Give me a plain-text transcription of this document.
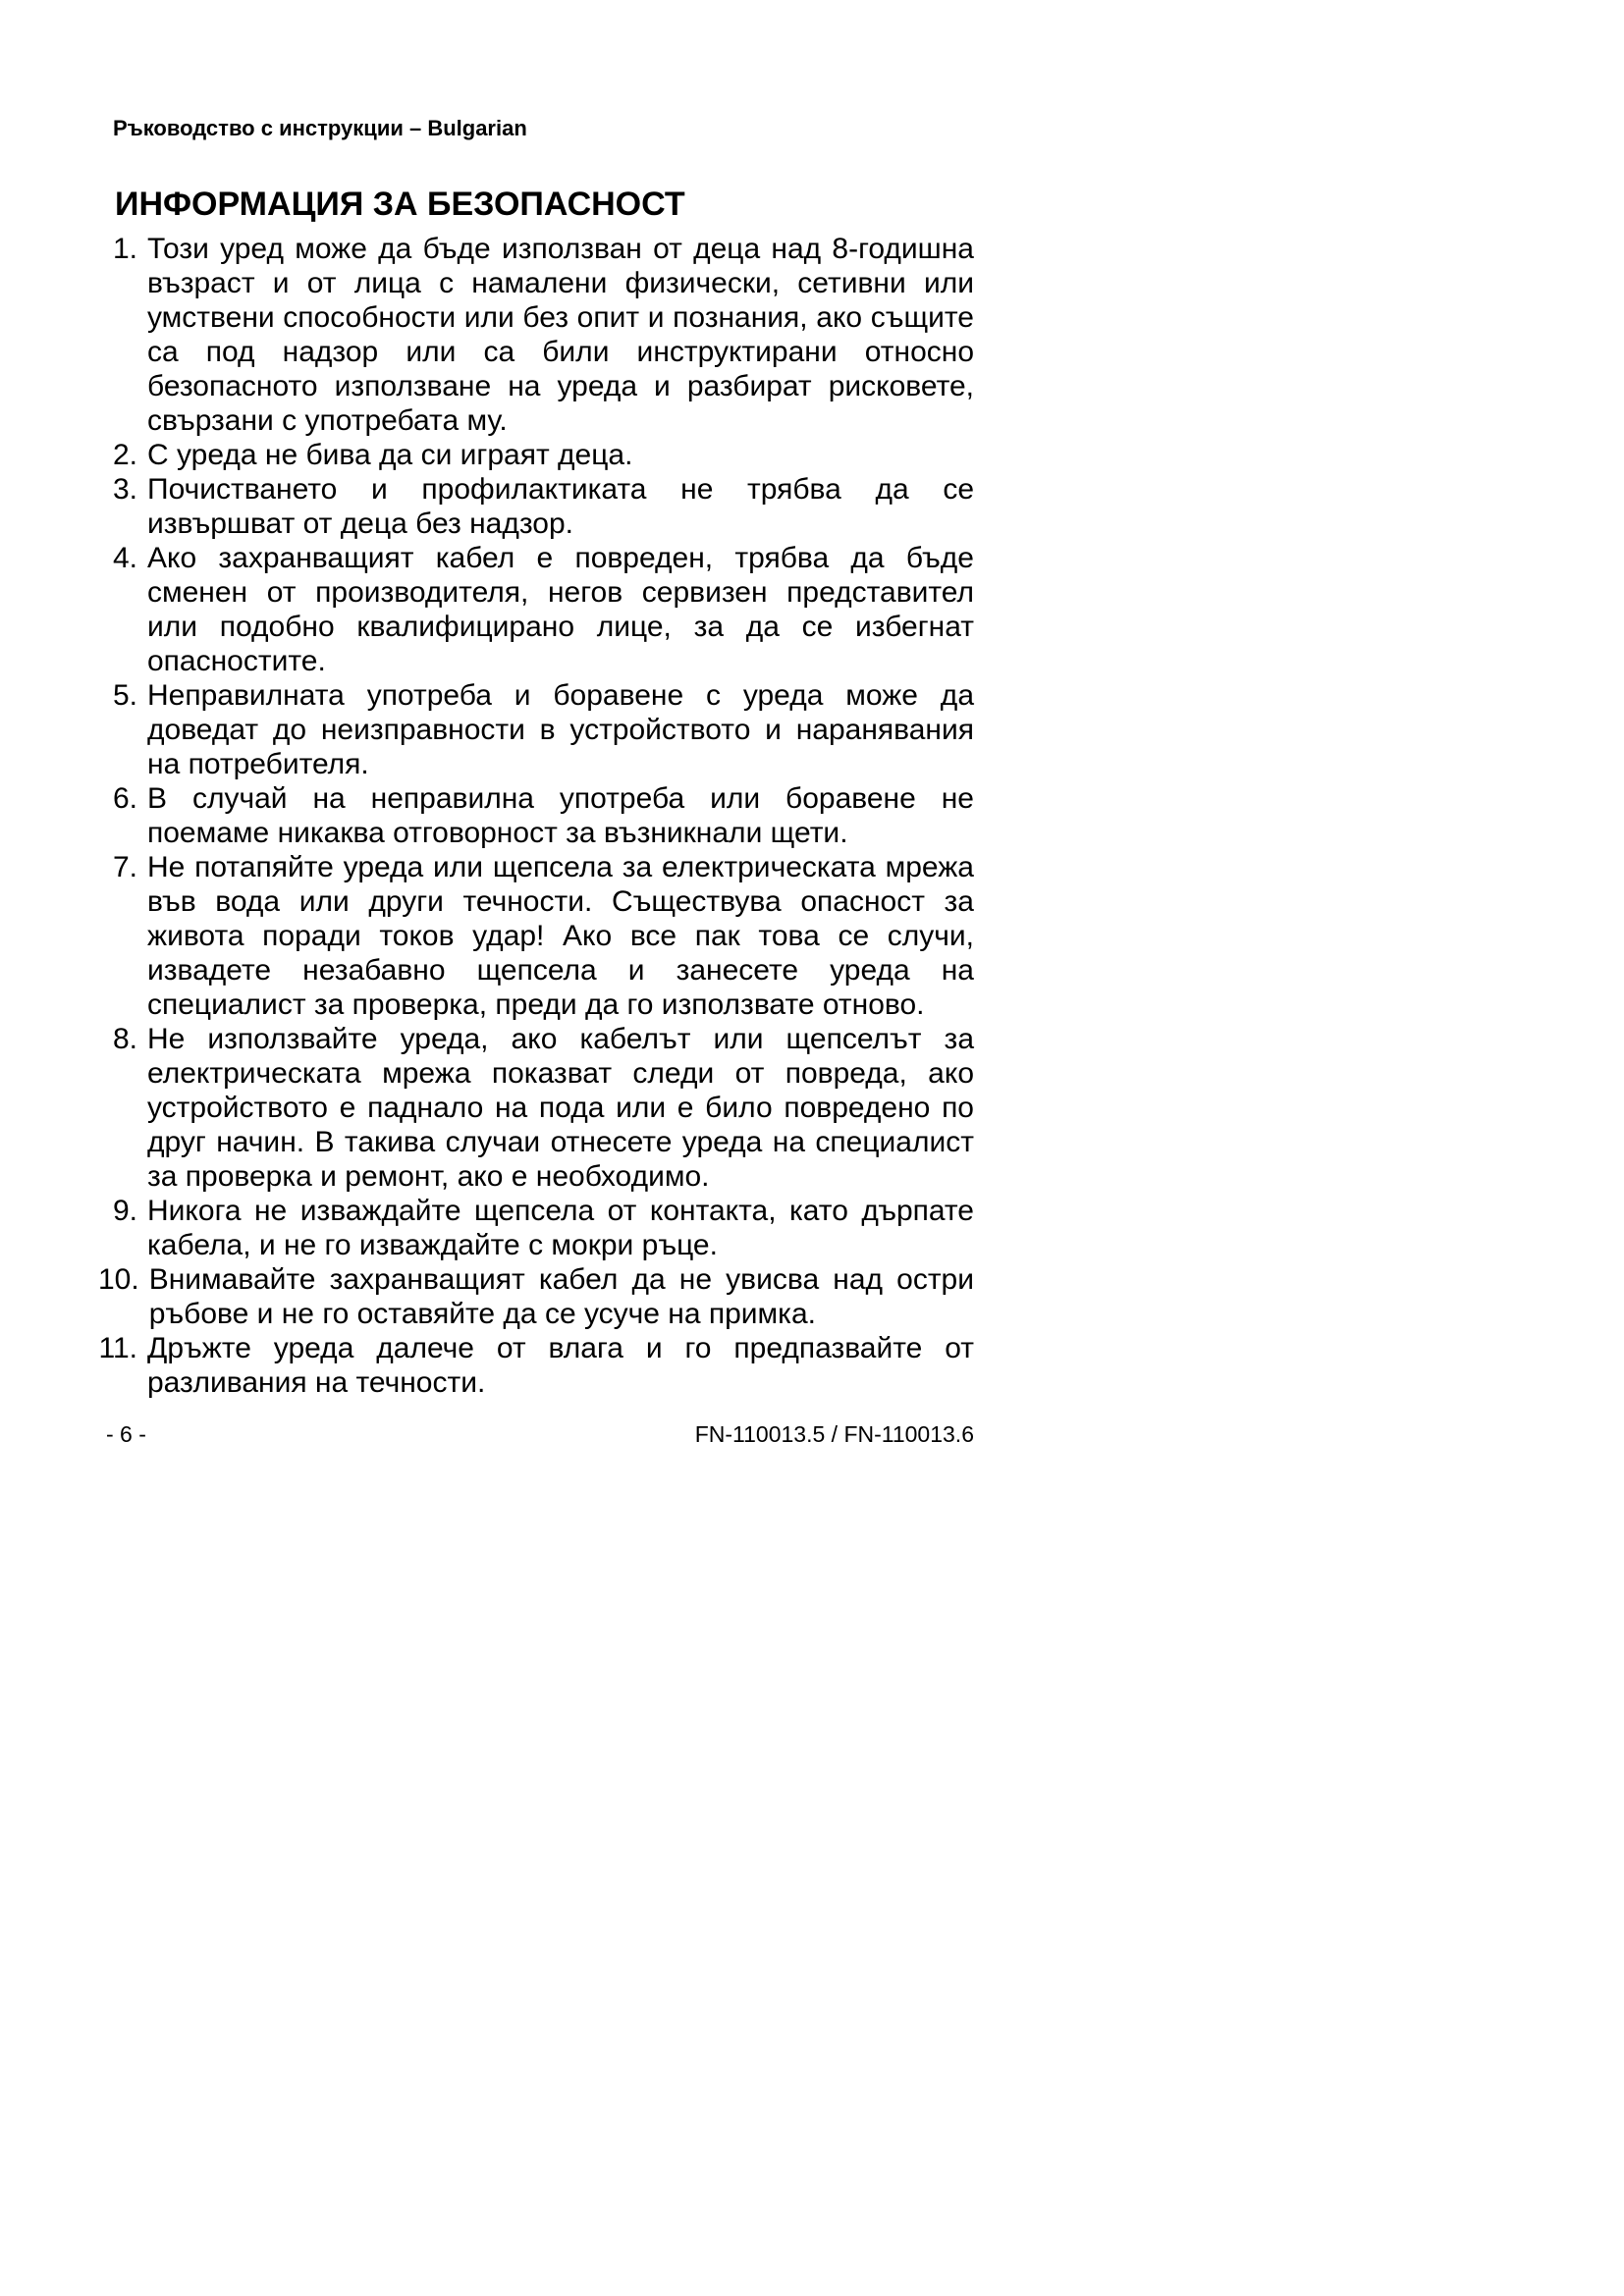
Ръководство с инструкции – Bulgarian
ИНФОРМАЦИЯ ЗА БЕЗОПАСНОСТ
1. Този уред може да бъде използван от деца над 8-годишна възраст и от лица с намалени физически, сетивни или умствени способности или без опит и познания, ако същите са под надзор или са били инструктирани относно безопасното използване на уреда и разбират рисковете, свързани с употребата му.
2. С уреда не бива да си играят деца.
3. Почистването и профилактиката не трябва да се извършват от деца без надзор.
4. Ако захранващият кабел е повреден, трябва да бъде сменен от производителя, негов сервизен представител или подобно квалифицирано лице, за да се избегнат опасностите.
5. Неправилната употреба и боравене с уреда може да доведат до неизправности в устройството и наранявания на потребителя.
6. В случай на неправилна употреба или боравене не поемаме никаква отговорност за възникнали щети.
7. Не потапяйте уреда или щепсела за електрическата мрежа във вода или други течности. Съществува опасност за живота поради токов удар! Ако все пак това се случи, извадете незабавно щепсела и занесете уреда на специалист за проверка, преди да го използвате отново.
8. Не използвайте уреда, ако кабелът или щепселът за електрическата мрежа показват следи от повреда, ако устройството е паднало на пода или е било повредено по друг начин. В такива случаи отнесете уреда на специалист за проверка и ремонт, ако е необходимо.
9. Никога не изваждайте щепсела от контакта, като дърпате кабела, и не го изваждайте с мокри ръце.
10. Внимавайте захранващият кабел да не увисва над остри ръбове и не го оставяйте да се усуче на примка.
11. Дръжте уреда далече от влага и го предпазвайте от разливания на течности.
- 6 -	FN-110013.5 / FN-110013.6
